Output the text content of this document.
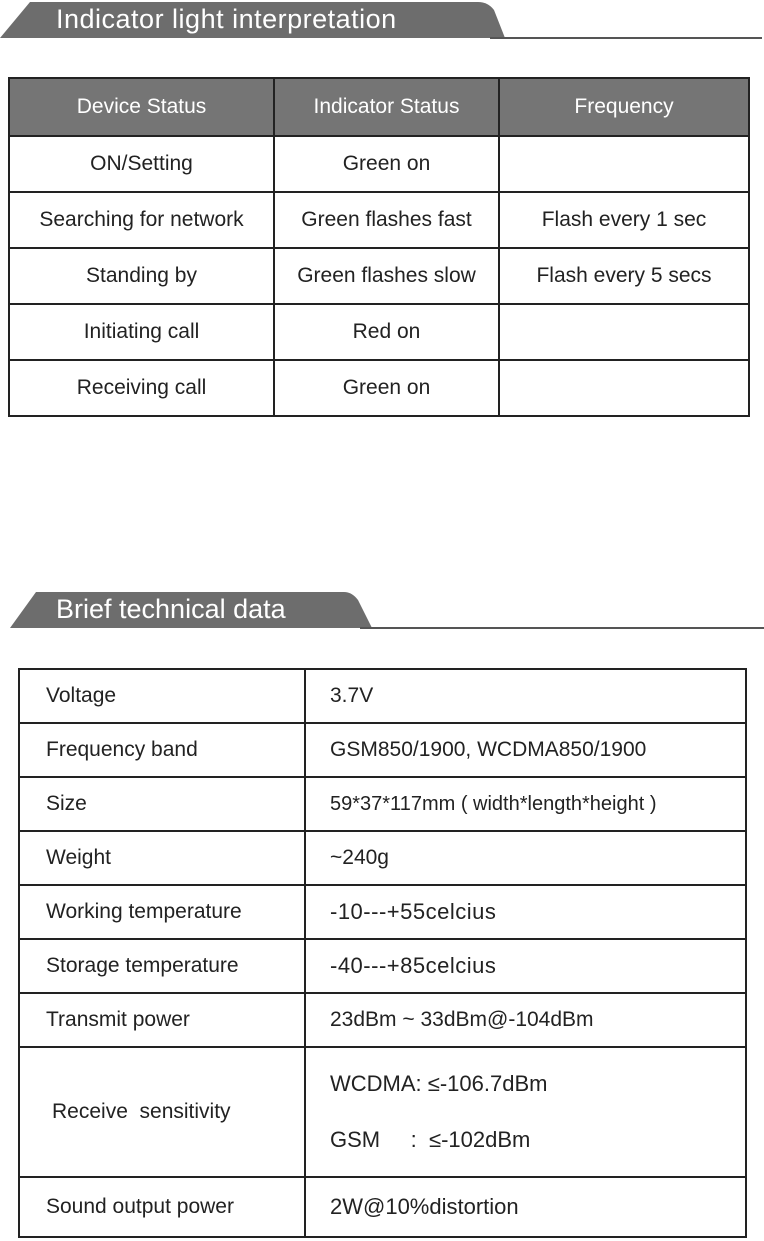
Indicator light interpretation
Device Status	Indicator Status	Frequency
ON/Setting	Green on	
Searching for network	Green flashes fast	Flash every 1 sec
Standing by	Green flashes slow	Flash every 5 secs
Initiating call	Red on	
Receiving call	Green on	
Brief technical data
Voltage	3.7V
Frequency band	GSM850/1900, WCDMA850/1900
Size	59*37*117mm ( width*length*height )
Weight	~240g
Working temperature	-10---+55celcius
Storage temperature	-40---+85celcius
Transmit power	23dBm ~ 33dBm@-104dBm
Receive  sensitivity	WCDMA: ≤-106.7dBm
GSM     :  ≤-102dBm

Sound output power	2W@10%distortion
